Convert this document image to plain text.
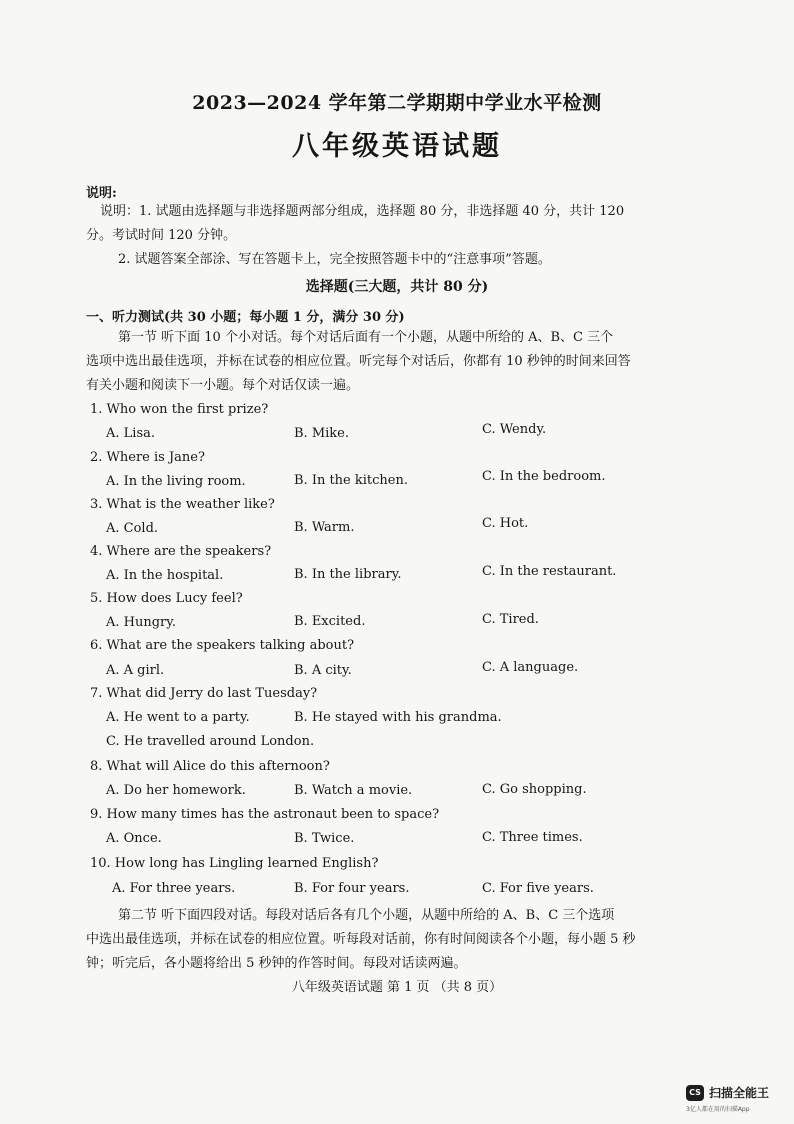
2023—2024 学年第二学期期中学业水平检测
八年级英语试题
说明:
说明：1. 试题由选择题与非选择题两部分组成，选择题 80 分，非选择题 40 分，共计 120
分。考试时间 120 分钟。
2. 试题答案全部涂、写在答题卡上，完全按照答题卡中的“注意事项”答题。
选择题(三大题，共计 80 分)
一、听力测试(共 30 小题；每小题 1 分，满分 30 分)
第一节 听下面 10 个小对话。每个对话后面有一个小题，从题中所给的 A、B、C 三个
选项中选出最佳选项，并标在试卷的相应位置。听完每个对话后，你都有 10 秒钟的时间来回答
有关小题和阅读下一小题。每个对话仅读一遍。
1. Who won the first prize?
A. Lisa.	B. Mike.	C. Wendy.
2. Where is Jane?
A. In the living room.	B. In the kitchen.	C. In the bedroom.
3. What is the weather like?
A. Cold.	B. Warm.	C. Hot.
4. Where are the speakers?
A. In the hospital.	B. In the library.	C. In the restaurant.
5. How does Lucy feel?
A. Hungry.	B. Excited.	C. Tired.
6. What are the speakers talking about?
A. A girl.	B. A city.	C. A language.
7. What did Jerry do last Tuesday?
A. He went to a party.	B. He stayed with his grandma.
C. He travelled around London.
8. What will Alice do this afternoon?
A. Do her homework.	B. Watch a movie.	C. Go shopping.
9. How many times has the astronaut been to space?
A. Once.	B. Twice.	C. Three times.
10. How long has Lingling learned English?
A. For three years.	B. For four years.	C. For five years.
第二节 听下面四段对话。每段对话后各有几个小题，从题中所给的 A、B、C 三个选项
中选出最佳选项，并标在试卷的相应位置。听每段对话前，你有时间阅读各个小题，每小题 5 秒
钟；听完后，各小题将给出 5 秒钟的作答时间。每段对话读两遍。
八年级英语试题 第 1 页 （共 8 页）
CS 扫描全能王
3亿人都在用的扫描App
